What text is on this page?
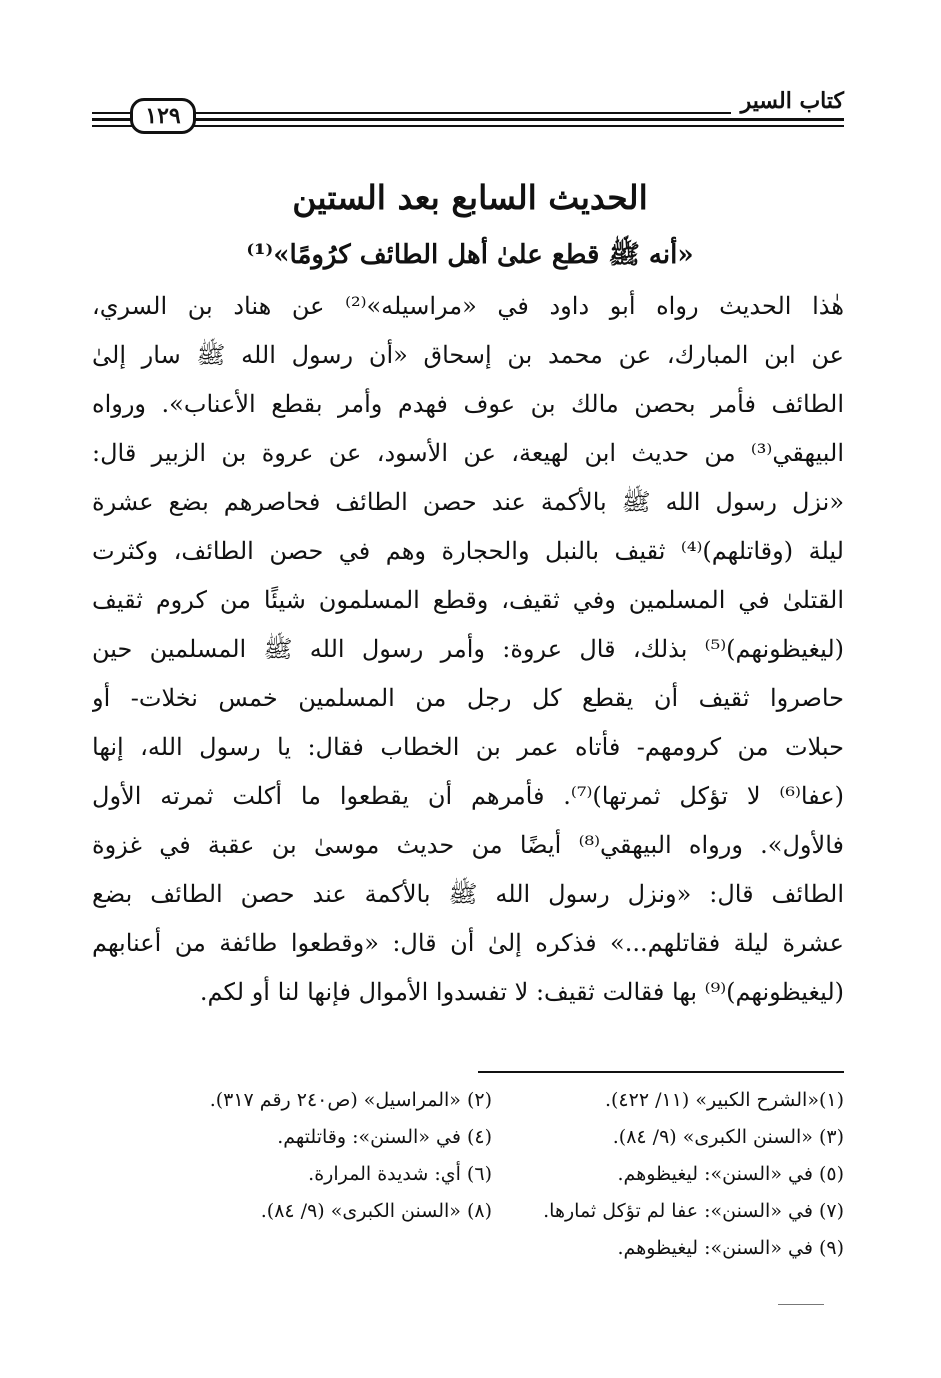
١٢٩
كتاب السير
الحديث السابع بعد الستين
«أنه ﷺ قطع علىٰ أهل الطائف كرُومًا»⁽¹⁾
هٰذا الحديث رواه أبو داود في «مراسيله»⁽²⁾ عن هناد بن السري،
عن ابن المبارك، عن محمد بن إسحاق «أن رسول الله ﷺ سار إلىٰ
الطائف فأمر بحصن مالك بن عوف فهدم وأمر بقطع الأعناب». ورواه
البيهقي⁽³⁾ من حديث ابن لهيعة، عن الأسود، عن عروة بن الزبير قال:
«نزل رسول الله ﷺ بالأكمة عند حصن الطائف فحاصرهم بضع عشرة
ليلة (وقاتلهم)⁽⁴⁾ ثقيف بالنبل والحجارة وهم في حصن الطائف، وكثرت
القتلىٰ في المسلمين وفي ثقيف، وقطع المسلمون شيئًا من كروم ثقيف
(ليغيظونهم)⁽⁵⁾ بذلك، قال عروة: وأمر رسول الله ﷺ المسلمين حين
حاصروا ثقيف أن يقطع كل رجل من المسلمين خمس نخلات- أو
حبلات من كرومهم- فأتاه عمر بن الخطاب فقال: يا رسول الله، إنها
(عفا⁽⁶⁾ لا تؤكل ثمرتها)⁽⁷⁾. فأمرهم أن يقطعوا ما أكلت ثمرته الأول
فالأول». ورواه البيهقي⁽⁸⁾ أيضًا من حديث موسىٰ بن عقبة في غزوة
الطائف قال: «ونزل رسول الله ﷺ بالأكمة عند حصن الطائف بضع
عشرة ليلة فقاتلهم...» فذكره إلىٰ أن قال: «وقطعوا طائفة من أعنابهم
(ليغيظونهم)⁽⁹⁾ بها فقالت ثقيف: لا تفسدوا الأموال فإنها لنا أو لكم.
(١)«الشرح الكبير» (١١/ ٤٢٢).
(٢) «المراسيل» (ص٢٤٠ رقم ٣١٧).
(٣) «السنن الكبرى» (٩/ ٨٤).
(٤) في «السنن»: وقاتلتهم.
(٥) في «السنن»: ليغيظوهم.
(٦) أي: شديدة المرارة.
(٧) في «السنن»: عفا لم تؤكل ثمارها.
(٨) «السنن الكبرى» (٩/ ٨٤).
(٩) في «السنن»: ليغيظوهم.
